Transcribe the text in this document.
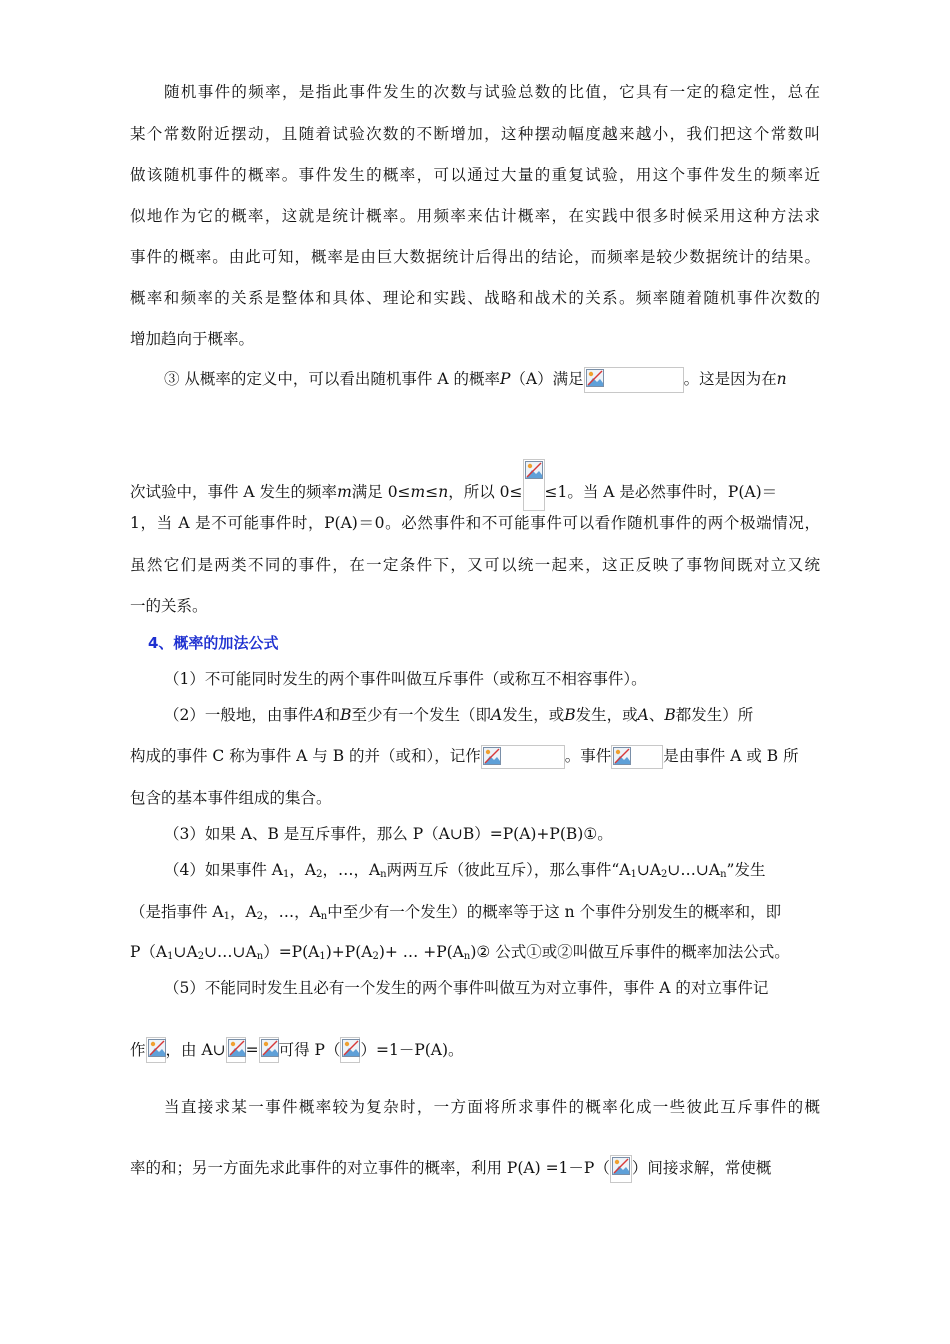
随机事件的频率，是指此事件发生的次数与试验总数的比值，它具有一定的稳定性，总在
某个常数附近摆动，且随着试验次数的不断增加，这种摆动幅度越来越小，我们把这个常数叫
做该随机事件的概率。事件发生的概率，可以通过大量的重复试验，用这个事件发生的频率近
似地作为它的概率，这就是统计概率。用频率来估计概率，在实践中很多时候采用这种方法求
事件的概率。由此可知，概率是由巨大数据统计后得出的结论，而频率是较少数据统计的结果。
概率和频率的关系是整体和具体、理论和实践、战略和战术的关系。频率随着随机事件次数的
增加趋向于概率。
③ 从概率的定义中，可以看出随机事件 A 的概率P（A）满足	。这是因为在n
次试验中，事件 A 发生的频率m满足 0≤m≤n，所以 0≤ ≤1。当 A 是必然事件时，P(A)＝
1，当 A 是不可能事件时，P(A)＝0。必然事件和不可能事件可以看作随机事件的两个极端情况，
虽然它们是两类不同的事件，在一定条件下，又可以统一起来，这正反映了事物间既对立又统
一的关系。
4、概率的加法公式
（1）不可能同时发生的两个事件叫做互斥事件（或称互不相容事件）。
（2）一般地，由事件A和B至少有一个发生（即A发生，或B发生，或A、B都发生）所
构成的事件 C 称为事件 A 与 B 的并（或和），记作	。事件	是由事件 A 或 B 所
包含的基本事件组成的集合。
（3）如果 A、B 是互斥事件，那么 P（A∪B）=P(A)+P(B)①。
（4）如果事件 $A_1$，$A_2$，…，$A_n$两两互斥（彼此互斥），那么事件“$A_1\cup A_2\cup\dots\cup A_n$”发生
（是指事件 $A_1$，$A_2$，…，$A_n$中至少有一个发生）的概率等于这 n 个事件分别发生的概率和，即
$P(A_1\cup A_2\cup\dots\cup A_n)=P(A_1)+P(A_2)+$ … $+P(A_n)②$ 公式①或②叫做互斥事件的概率加法公式。
（5）不能同时发生且必有一个发生的两个事件叫做互为对立事件，事件 A 的对立事件记
作 ，由 A∪ = 可得 P（ ）=1－P(A)。
当直接求某一事件概率较为复杂时，一方面将所求事件的概率化成一些彼此互斥事件的概
率的和；另一方面先求此事件的对立事件的概率，利用 P(A) =1－P（ ）间接求解，常使概
